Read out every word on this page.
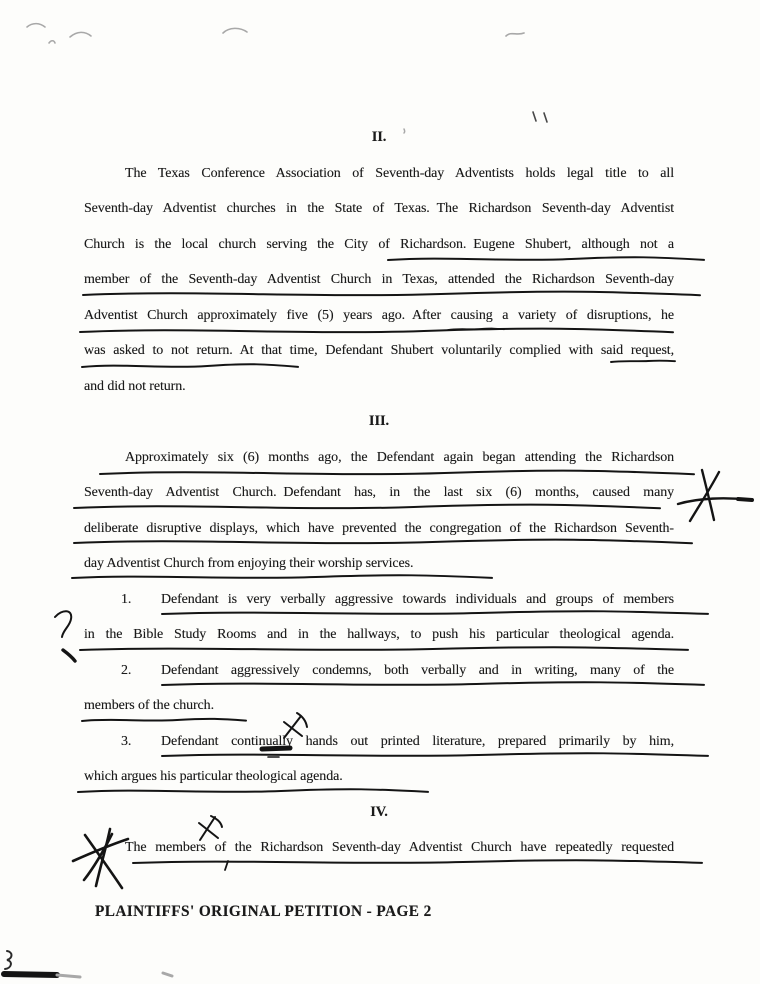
II.
The Texas Conference Association of Seventh-day Adventists holds legal title to all
Seventh-day Adventist churches in the State of Texas. The Richardson Seventh-day Adventist
Church is the local church serving the City of Richardson. Eugene Shubert, although not a
member of the Seventh-day Adventist Church in Texas, attended the Richardson Seventh-day
Adventist Church approximately five (5) years ago. After causing a variety of disruptions, he
was asked to not return. At that time, Defendant Shubert voluntarily complied with said request,
and did not return.
III.
Approximately six (6) months ago, the Defendant again began attending the Richardson
Seventh-day Adventist Church. Defendant has, in the last six (6) months, caused many
deliberate disruptive displays, which have prevented the congregation of the Richardson Seventh-
day Adventist Church from enjoying their worship services.
1. Defendant is very verbally aggressive towards individuals and groups of members
in the Bible Study Rooms and in the hallways, to push his particular theological agenda.
2. Defendant aggressively condemns, both verbally and in writing, many of the
members of the church.
3. Defendant continually hands out printed literature, prepared primarily by him,
which argues his particular theological agenda.
IV.
The members of the Richardson Seventh-day Adventist Church have repeatedly requested
PLAINTIFFS' ORIGINAL PETITION - PAGE 2
